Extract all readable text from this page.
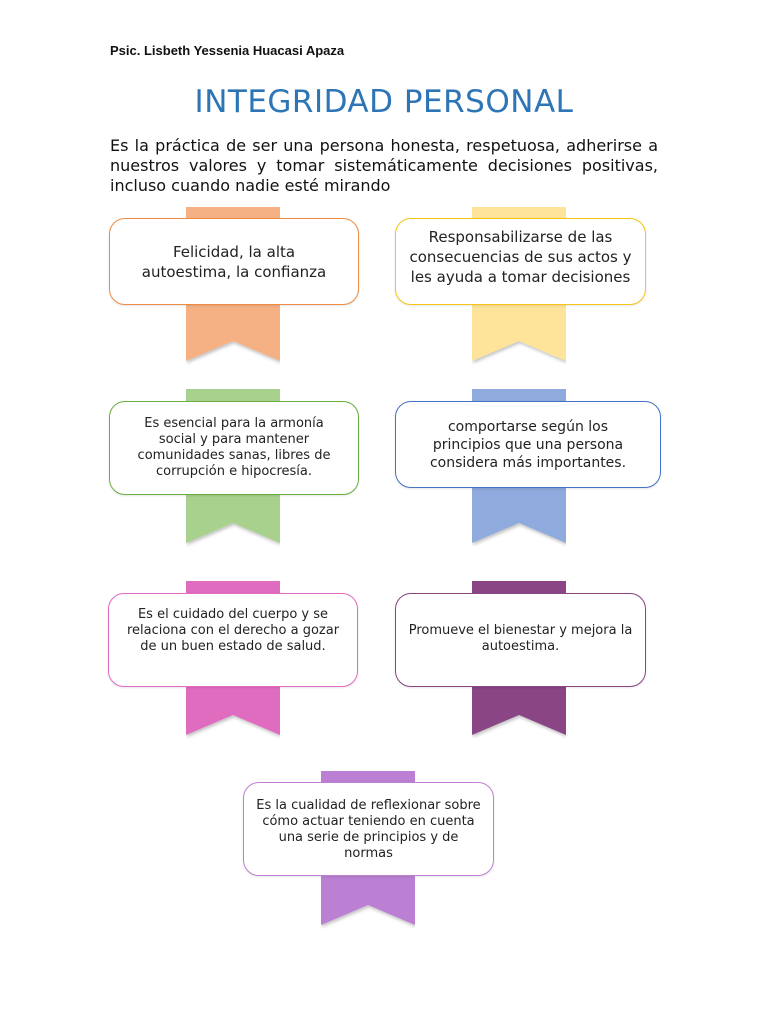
Psic. Lisbeth Yessenia Huacasi Apaza
INTEGRIDAD PERSONAL
Es la práctica de ser una persona honesta, respetuosa, adherirse a nuestros valores y tomar sistemáticamente decisiones positivas, incluso cuando nadie esté mirando
Felicidad, la alta autoestima, la confianza
Responsabilizarse de las consecuencias de sus actos y les ayuda a tomar decisiones
Es esencial para la armonía social y para mantener comunidades sanas, libres de corrupción e hipocresía.
comportarse según los principios que una persona considera más importantes.
Es el cuidado del cuerpo y se relaciona con el derecho a gozar de un buen estado de salud.
Promueve el bienestar y mejora la autoestima.
Es la cualidad de reflexionar sobre cómo actuar teniendo en cuenta una serie de principios y de normas
